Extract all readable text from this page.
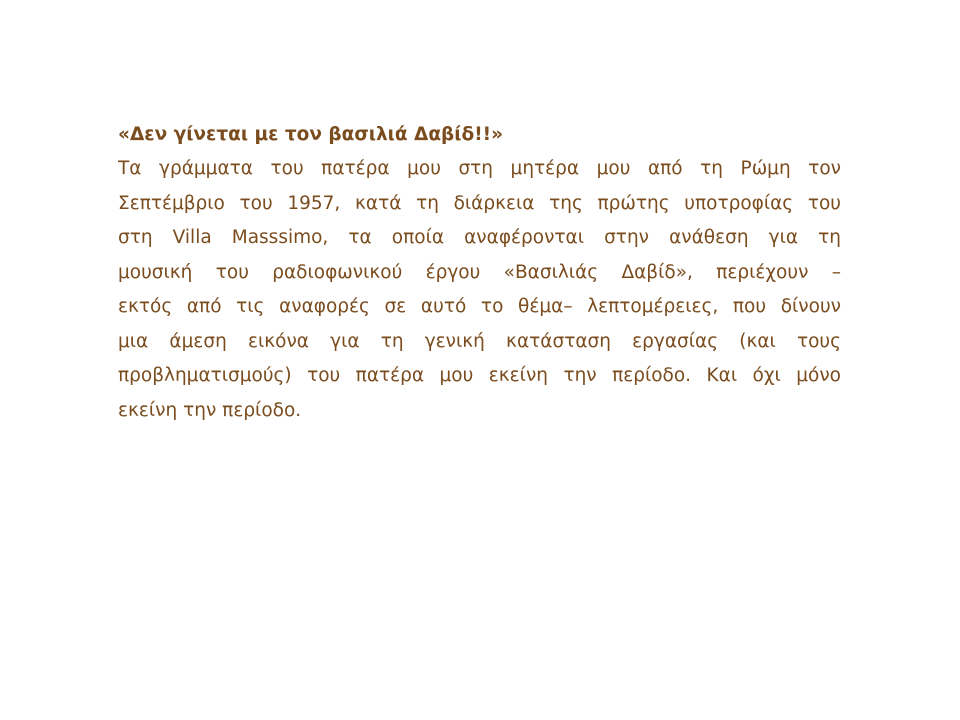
«Δεν γίνεται με τον βασιλιά Δαβίδ!!»

Τα γράμματα του πατέρα μου στη μητέρα μου από τη Ρώμη τον
Σεπτέμβριο του 1957, κατά τη διάρκεια της πρώτης υποτροφίας του
στη Villa Masssimo, τα οποία αναφέρονται στην ανάθεση για τη
μουσική του ραδιοφωνικού έργου «Βασιλιάς Δαβίδ», περιέχουν –
εκτός από τις αναφορές σε αυτό το θέμα– λεπτομέρειες, που δίνουν
μια άμεση εικόνα για τη γενική κατάσταση εργασίας (και τους
προβληματισμούς) του πατέρα μου εκείνη την περίοδο. Και όχι μόνο
εκείνη την περίοδο.
